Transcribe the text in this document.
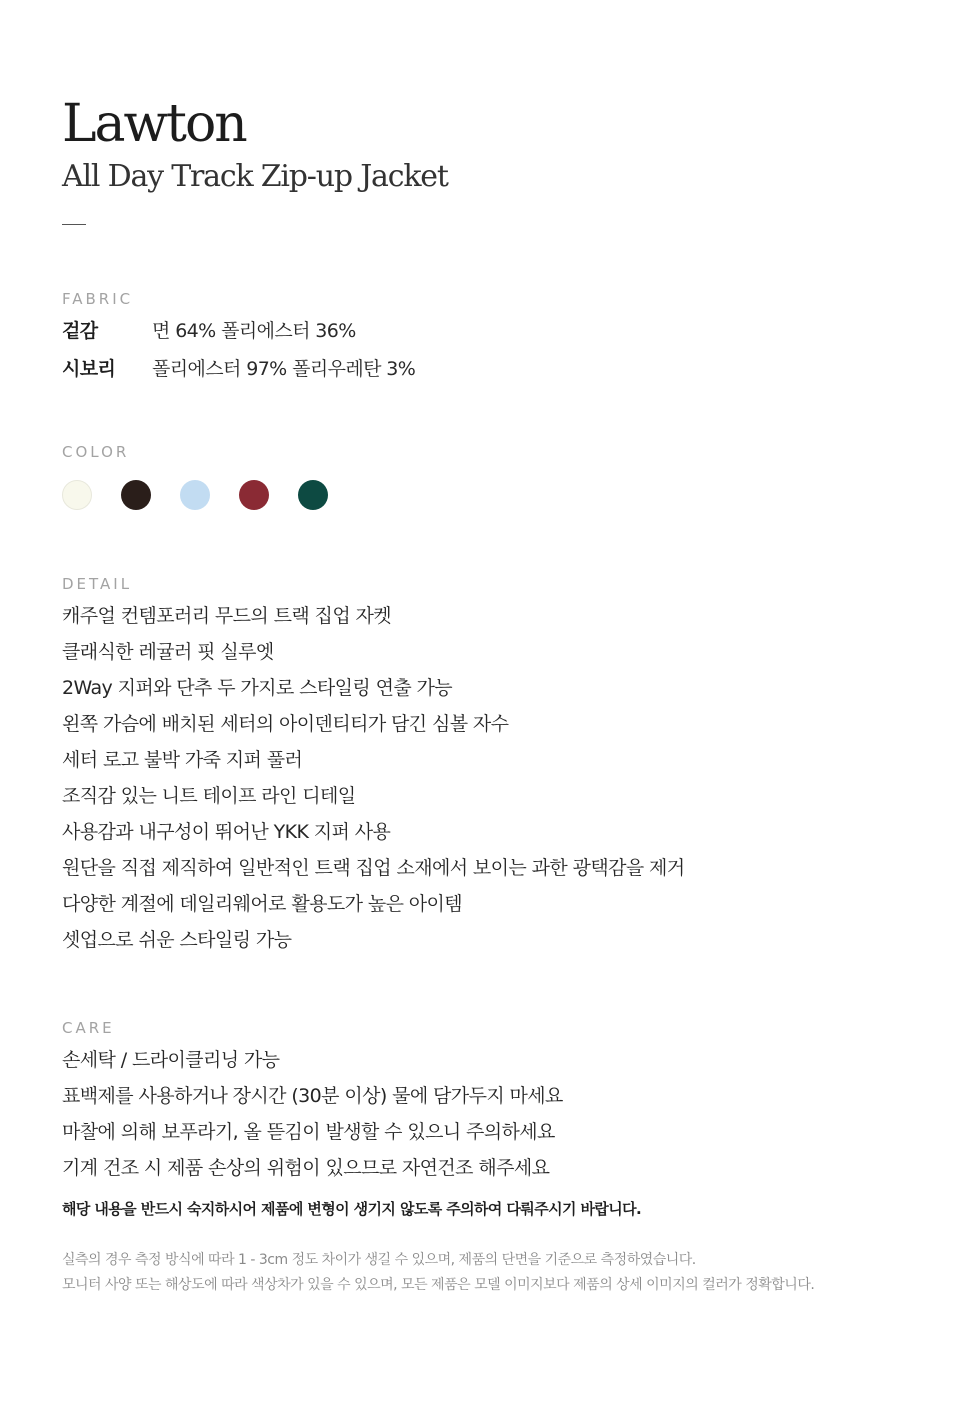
Lawton
All Day Track Zip-up Jacket
FABRIC
겉감	면 64% 폴리에스터 36%
시보리	폴리에스터 97% 폴리우레탄 3%
COLOR
DETAIL
캐주얼 컨템포러리 무드의 트랙 집업 자켓
클래식한 레귤러 핏 실루엣
2Way 지퍼와 단추 두 가지로 스타일링 연출 가능
왼쪽 가슴에 배치된 세터의 아이덴티티가 담긴 심볼 자수
세터 로고 불박 가죽 지퍼 풀러
조직감 있는 니트 테이프 라인 디테일
사용감과 내구성이 뛰어난 YKK 지퍼 사용
원단을 직접 제직하여 일반적인 트랙 집업 소재에서 보이는 과한 광택감을 제거
다양한 계절에 데일리웨어로 활용도가 높은 아이템
셋업으로 쉬운 스타일링 가능
CARE
손세탁 / 드라이클리닝 가능
표백제를 사용하거나 장시간 (30분 이상) 물에 담가두지 마세요
마찰에 의해 보푸라기, 올 뜯김이 발생할 수 있으니 주의하세요
기계 건조 시 제품 손상의 위험이 있으므로 자연건조 해주세요
해당 내용을 반드시 숙지하시어 제품에 변형이 생기지 않도록 주의하여 다뤄주시기 바랍니다.
실측의 경우 측정 방식에 따라 1 - 3cm 정도 차이가 생길 수 있으며, 제품의 단면을 기준으로 측정하였습니다.
모니터 사양 또는 해상도에 따라 색상차가 있을 수 있으며, 모든 제품은 모델 이미지보다 제품의 상세 이미지의 컬러가 정확합니다.
